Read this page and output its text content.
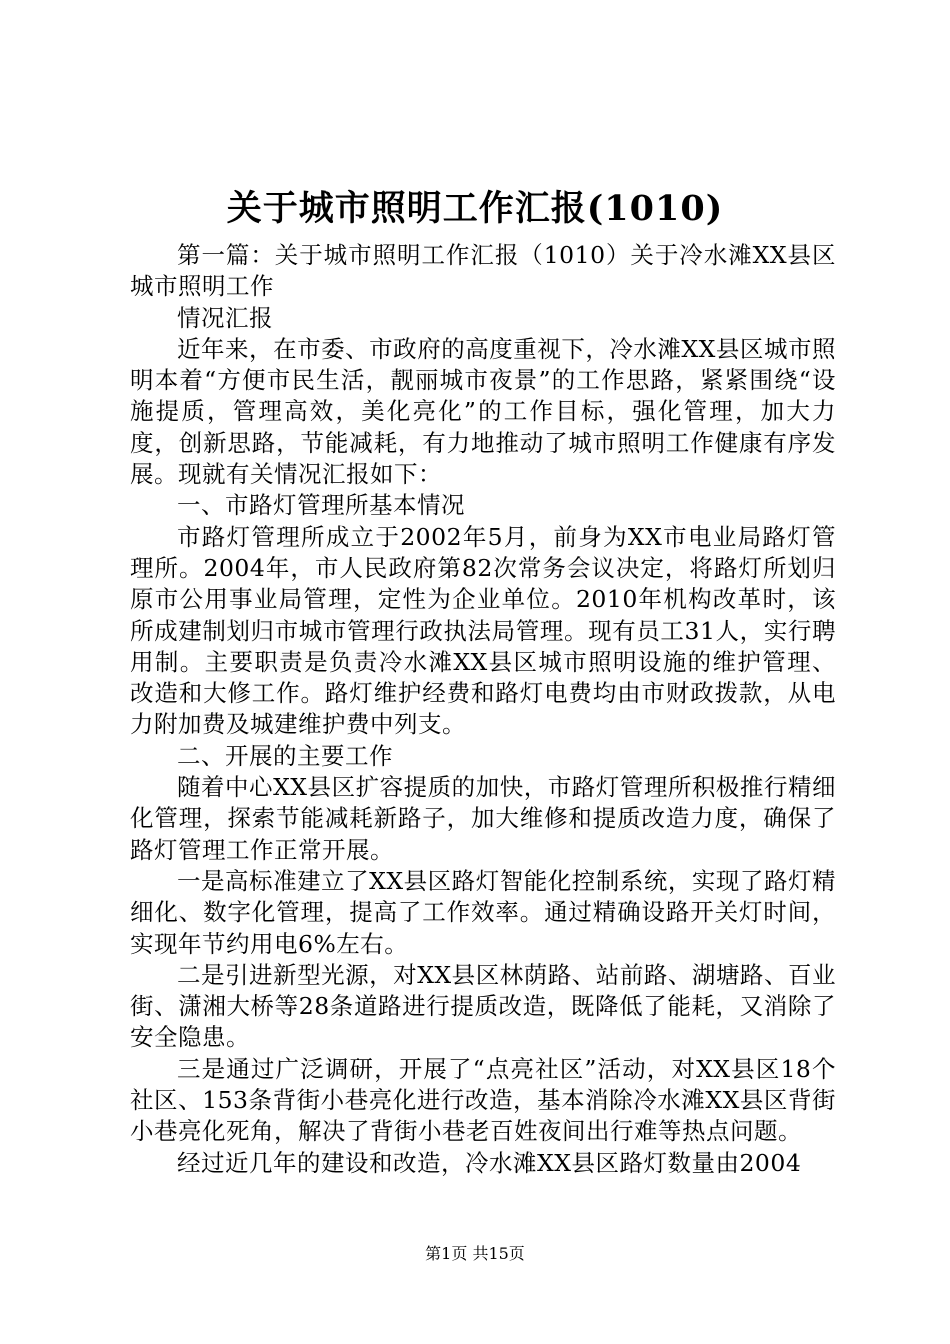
关于城市照明工作汇报(1010)

第一篇：关于城市照明工作汇报（1010）关于冷水滩XX县区城市照明工作

情况汇报

近年来，在市委、市政府的高度重视下，冷水滩XX县区城市照明本着“方便市民生活，靓丽城市夜景”的工作思路，紧紧围绕“设施提质，管理高效，美化亮化”的工作目标，强化管理，加大力度，创新思路，节能减耗，有力地推动了城市照明工作健康有序发展。现就有关情况汇报如下：

一、市路灯管理所基本情况

市路灯管理所成立于2002年5月，前身为XX市电业局路灯管理所。2004年，市人民政府第82次常务会议决定，将路灯所划归原市公用事业局管理，定性为企业单位。2010年机构改革时，该所成建制划归市城市管理行政执法局管理。现有员工31人，实行聘用制。主要职责是负责冷水滩XX县区城市照明设施的维护管理、改造和大修工作。路灯维护经费和路灯电费均由市财政拨款，从电力附加费及城建维护费中列支。

二、开展的主要工作

随着中心XX县区扩容提质的加快，市路灯管理所积极推行精细化管理，探索节能减耗新路子，加大维修和提质改造力度，确保了路灯管理工作正常开展。

一是高标准建立了XX县区路灯智能化控制系统，实现了路灯精细化、数字化管理，提高了工作效率。通过精确设路开关灯时间，实现年节约用电6%左右。

二是引进新型光源，对XX县区林荫路、站前路、湖塘路、百业街、潇湘大桥等28条道路进行提质改造，既降低了能耗，又消除了安全隐患。

三是通过广泛调研，开展了“点亮社区”活动，对XX县区18个社区、153条背街小巷亮化进行改造，基本消除冷水滩XX县区背街小巷亮化死角，解决了背街小巷老百姓夜间出行难等热点问题。

经过近几年的建设和改造，冷水滩XX县区路灯数量由2004

第1页 共15页
